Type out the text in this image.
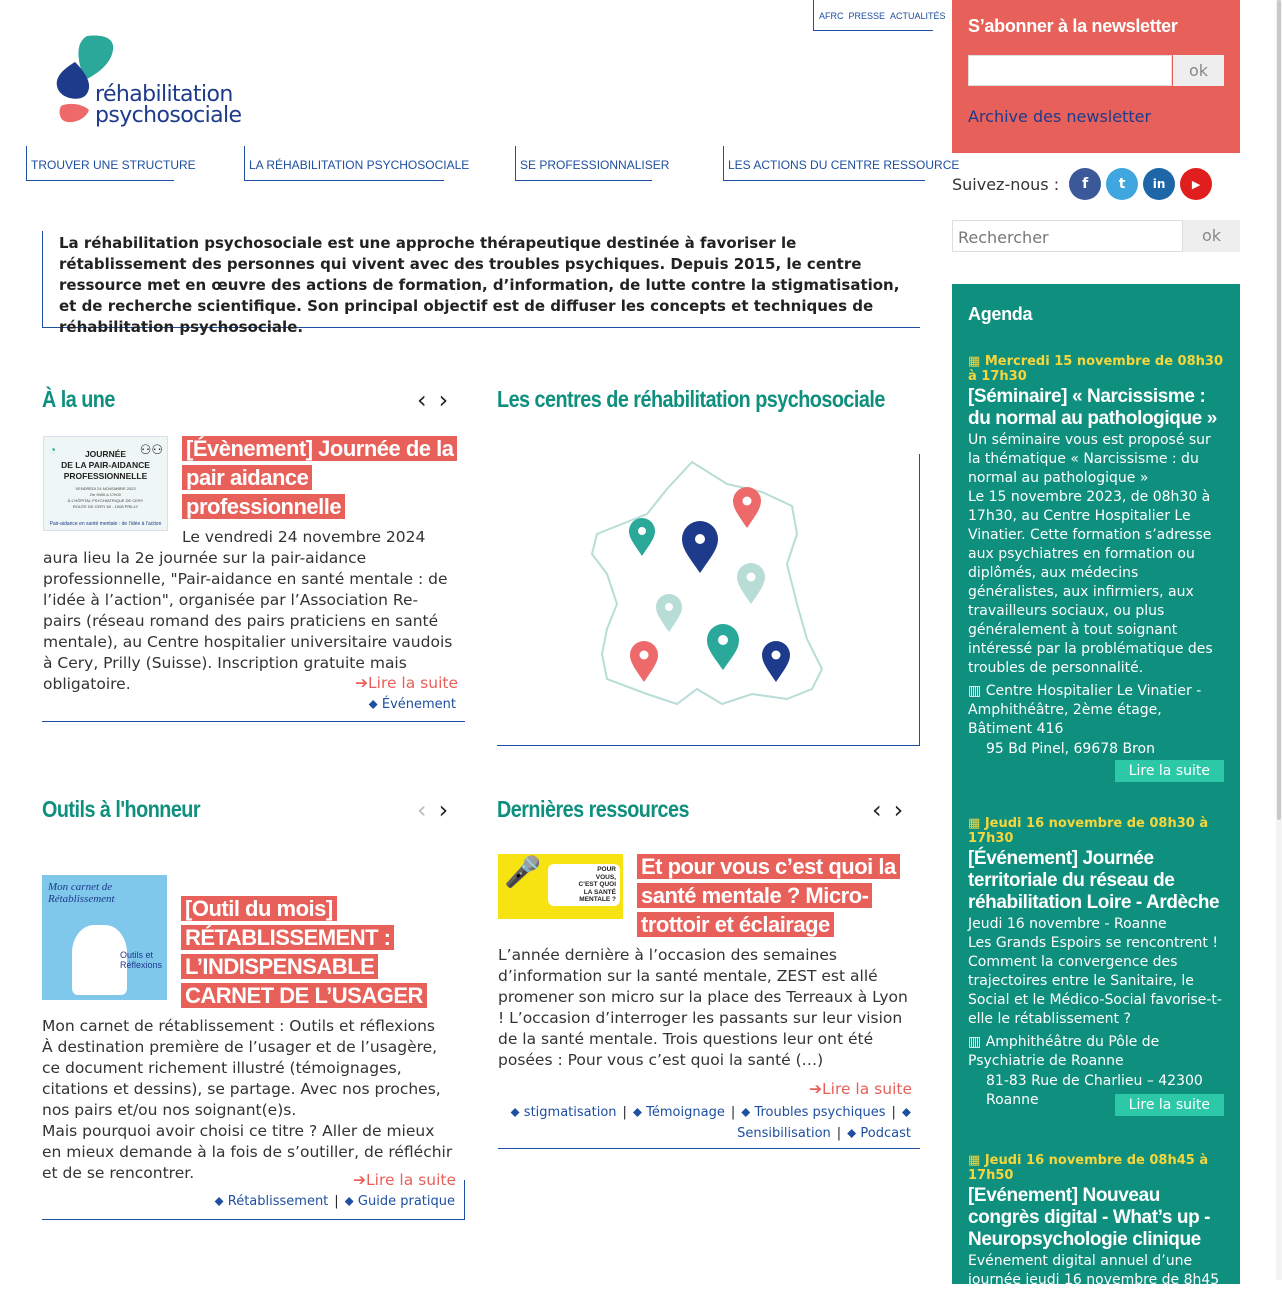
AFRC PRESSE ACTUALITÉS
réhabilitation
psychosociale
TROUVER UNE STRUCTURE	LA RÉHABILITATION PSYCHOSOCIALE	SE PROFESSIONNALISER	LES ACTIONS DU CENTRE RESSOURCE
La réhabilitation psychosociale est une approche thérapeutique destinée à favoriser le rétablissement des personnes qui vivent avec des troubles psychiques. Depuis 2015, le centre ressource met en œuvre des actions de formation, d’information, de lutte contre la stigmatisation, et de recherche scientifique. Son principal objectif est de diffuser les concepts et techniques de réhabilitation psychosociale.
À la une	‹ ›
◔	⚇⚇
JOURNÉE
DE LA PAIR-AIDANCE
PROFESSIONNELLE
VENDREDI 24 NOVEMBRE 2023
De 9h00 à 17h00
À L’HÔPITAL PSYCHIATRIQUE DE CERY
ROUTE DE CERY 60 - 1008 PRILLY
Pair-aidance en santé mentale : de l’idée à l’action
[Évènement] Journée de la pair aidance professionnelle
Le vendredi 24 novembre 2024 aura lieu la 2e journée sur la pair-aidance professionnelle, "Pair-aidance en santé mentale : de l’idée à l’action", organisée par l’Association Re-pairs (réseau romand des pairs praticiens en santé mentale), au Centre hospitalier universitaire vaudois à Cery, Prilly (Suisse). Inscription gratuite mais obligatoire.	➔Lire la suite
⬥ Événement
Les centres de réhabilitation psychosociale
Outils à l'honneur	‹ ›

Mon carnet de Rétablissement
Outils et
Réflexions

[Outil du mois] RÉTABLISSEMENT : L’INDISPENSABLE CARNET DE L’USAGER
Mon carnet de rétablissement : Outils et réflexions
À destination première de l’usager et de l’usagère, ce document richement illustré (témoignages, citations et dessins), se partage. Avec nos proches, nos pairs et/ou nos soignant(e)s.
Mais pourquoi avoir choisi ce titre ? Aller de mieux en mieux demande à la fois de s’outiller, de réfléchir et de se rencontrer.	➔Lire la suite
⬥ Rétablissement | ⬥ Guide pratique
Dernières ressources	‹ ›
🎤	POUR
VOUS,
C’EST QUOI
LA SANTÉ MENTALE ?
Et pour vous c’est quoi la santé mentale ? Micro-trottoir et éclairage
L’année dernière à l’occasion des semaines d’information sur la santé mentale, ZEST est allé promener son micro sur la place des Terreaux à Lyon ! L’occasion d’interroger les passants sur leur vision de la santé mentale. Trois questions leur ont été posées : Pour vous c’est quoi la santé (…)
➔Lire la suite
⬥ stigmatisation | ⬥ Témoignage | ⬥ Troubles psychiques | ⬥
Sensibilisation | ⬥ Podcast
S’abonner à la newsletter
ok
Archive des newsletter
Suivez-nous :	f	t	in	▶
Rechercher	ok
Agenda
▦ Mercredi 15 novembre de 08h30 à 17h30
[Séminaire] « Narcissisme : du normal au pathologique »
Un séminaire vous est proposé sur la thématique « Narcissisme : du normal au pathologique »
Le 15 novembre 2023, de 08h30 à 17h30, au Centre Hospitalier Le Vinatier. Cette formation s’adresse aux psychiatres en formation ou diplômés, aux médecins généralistes, aux infirmiers, aux travailleurs sociaux, ou plus généralement à tout soignant intéressé par la problématique des troubles de personnalité.
▥ Centre Hospitalier Le Vinatier - Amphithéâtre, 2ème étage, Bâtiment 416
95 Bd Pinel, 69678 Bron
Lire la suite
▦ Jeudi 16 novembre de 08h30 à 17h30
[Événement] Journée territoriale du réseau de réhabilitation Loire - Ardèche
Jeudi 16 novembre - Roanne
Les Grands Espoirs se rencontrent ! Comment la convergence des trajectoires entre le Sanitaire, le Social et le Médico-Social favorise-t-elle le rétablissement ?
▥ Amphithéâtre du Pôle de Psychiatrie de Roanne
81-83 Rue de Charlieu – 42300 Roanne	Lire la suite
▦ Jeudi 16 novembre de 08h45 à 17h50
[Evénement] Nouveau congrès digital - What’s up - Neuropsychologie clinique
Evénement digital annuel d’une journée jeudi 16 novembre de 8h45 à 17h50 répondant aux questions
